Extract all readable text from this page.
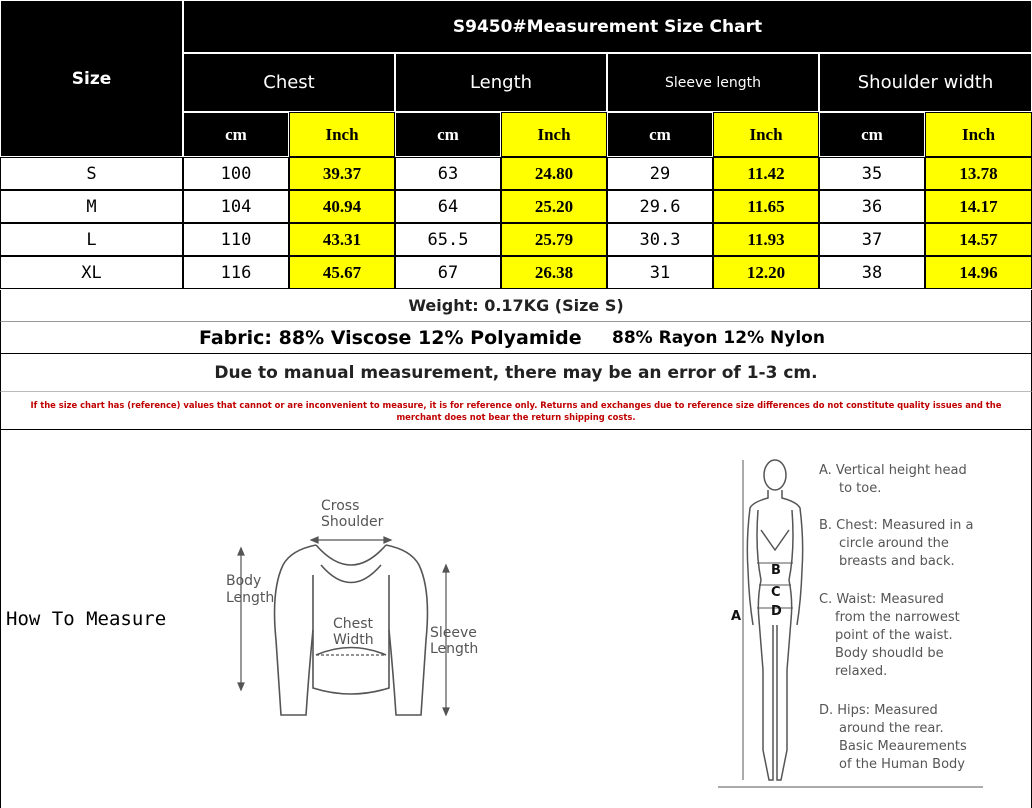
Size
S9450#Measurement Size Chart
Chest	Length	Sleeve length	Shoulder width
cm	Inch	cm	Inch	cm	Inch	cm	Inch
S	100	39.37	63	24.80	29	11.42	35	13.78
M	104	40.94	64	25.20	29.6	11.65	36	14.17
L	110	43.31	65.5	25.79	30.3	11.93	37	14.57
XL	116	45.67	67	26.38	31	12.20	38	14.96
Weight: 0.17KG (Size S)
Fabric: 88% Viscose 12% Polyamide 88% Rayon 12% Nylon
Due to manual measurement, there may be an error of 1-3 cm.
If the size chart has (reference) values that cannot or are inconvenient to measure, it is for reference only. Returns and exchanges due to reference size differences do not constitute quality issues and the merchant does not bear the return shipping costs.
How To Measure
Cross
Shoulder
Body
Length
Chest
Width	Sleeve
Length
B
C
D
A
A. Vertical height head
to toe.
B. Chest: Measured in a
circle around the
breasts and back.
C. Waist: Measured
from the narrowest
point of the waist.
Body shoudld be
relaxed.
D. Hips: Measured
around the rear.
Basic Meaurements
of the Human Body
